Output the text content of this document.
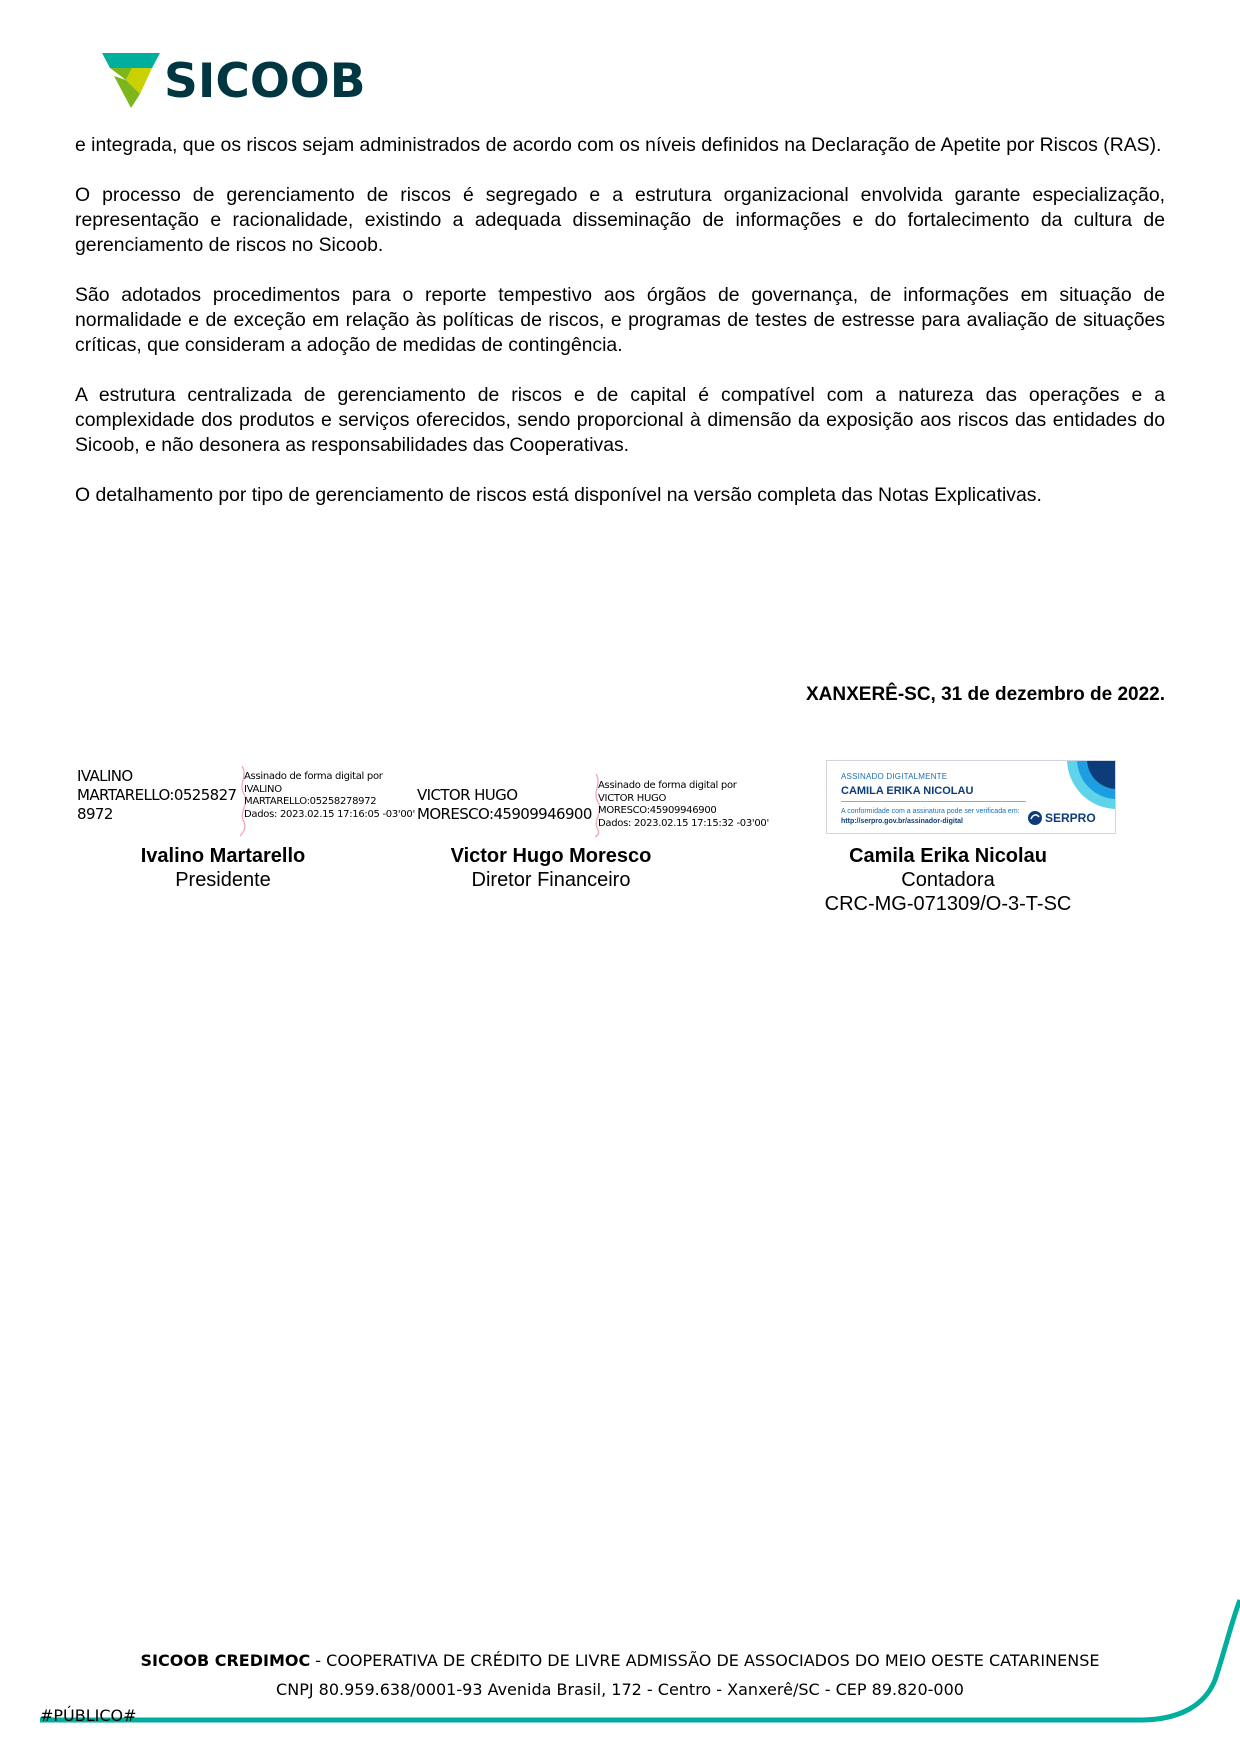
SICOOB

e integrada, que os riscos sejam administrados de acordo com os níveis definidos na Declaração de Apetite por Riscos (RAS).

O processo de gerenciamento de riscos é segregado e a estrutura organizacional envolvida garante especialização, representação e racionalidade, existindo a adequada disseminação de informações e do fortalecimento da cultura de gerenciamento de riscos no Sicoob.

São adotados procedimentos para o reporte tempestivo aos órgãos de governança, de informações em situação de normalidade e de exceção em relação às políticas de riscos, e programas de testes de estresse para avaliação de situações críticas, que consideram a adoção de medidas de contingência.

A estrutura centralizada de gerenciamento de riscos e de capital é compatível com a natureza das operações e a complexidade dos produtos e serviços oferecidos, sendo proporcional à dimensão da exposição aos riscos das entidades do Sicoob, e não desonera as responsabilidades das Cooperativas.

O detalhamento por tipo de gerenciamento de riscos está disponível na versão completa das Notas Explicativas.

XANXERÊ-SC, 31 de dezembro de 2022.
IVALINO
MARTARELLO:0525827
8972
Assinado de forma digital por
IVALINO
MARTARELLO:05258278972
Dados: 2023.02.15 17:16:05 -03'00'
VICTOR HUGO
MORESCO:45909946900
Assinado de forma digital por
VICTOR HUGO
MORESCO:45909946900
Dados: 2023.02.15 17:15:32 -03'00'
ASSINADO DIGITALMENTE
CAMILA ERIKA NICOLAU
A conformidade com a assinatura pode ser verificada em:
http://serpro.gov.br/assinador-digital	SERPRO
Ivalino Martarello
Presidente
Victor Hugo Moresco
Diretor Financeiro
Camila Erika Nicolau
Contadora
CRC-MG-071309/O-3-T-SC
SICOOB CREDIMOC - COOPERATIVA DE CRÉDITO DE LIVRE ADMISSÃO DE ASSOCIADOS DO MEIO OESTE CATARINENSE
CNPJ 80.959.638/0001-93 Avenida Brasil, 172 - Centro - Xanxerê/SC - CEP 89.820-000
#PÚBLICO#
